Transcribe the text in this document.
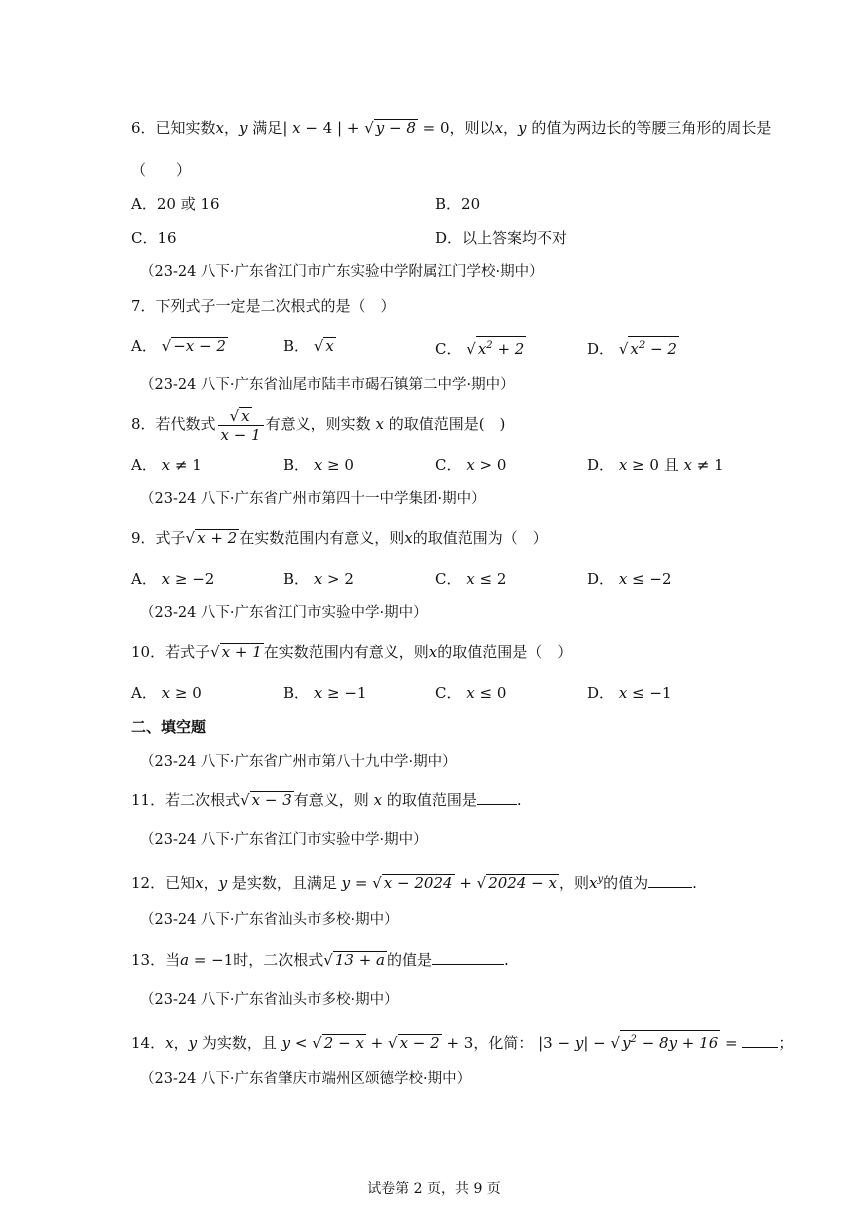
6．已知实数x，y 满足| x − 4 | + √ y − 8 = 0，则以x，y 的值为两边长的等腰三角形的周长是
（　　）
A．20 或 16	B．20
C．16	D．以上答案均不对
（23-24 八下·广东省江门市广东实验中学附属江门学校·期中）
7．下列式子一定是二次根式的是（　）
A． √ −x − 2	B． √ x	C． √ $x^2 + 2$	D． √ $x^2 - 2$
（23-24 八下·广东省汕尾市陆丰市碣石镇第二中学·期中）
8．若代数式 $\frac{√ x}{x - 1}$ 有意义，则实数 x 的取值范围是(　)
A． x ≠ 1	B． x ≥ 0	C． x > 0	D． x ≥ 0 且 x ≠ 1
（23-24 八下·广东省广州市第四十一中学集团·期中）
9．式子√ x + 2 在实数范围内有意义，则x的取值范围为（　）
A． x ≥ −2	B． x > 2	C． x ≤ 2	D． x ≤ −2
（23-24 八下·广东省江门市实验中学·期中）
10．若式子√ x + 1 在实数范围内有意义，则x的取值范围是（　）
A． x ≥ 0	B． x ≥ −1	C． x ≤ 0	D． x ≤ −1
二、填空题
（23-24 八下·广东省广州市第八十九中学·期中）
11．若二次根式√ x − 3 有意义，则 x 的取值范围是	.
（23-24 八下·广东省江门市实验中学·期中）
12．已知x，y 是实数，且满足 y = √ x − 2024 + √ 2024 − x ，则$x^y$的值为	.
（23-24 八下·广东省汕头市多校·期中）
13．当a = −1时，二次根式√ 13 + a 的值是	.
（23-24 八下·广东省汕头市多校·期中）
14．x，y 为实数，且 y < √ 2 − x + √ x − 2 + 3，化简： |3 − y| − √ $y^2 - 8y + 16$ = ；
（23-24 八下·广东省肇庆市端州区颂德学校·期中）
试卷第 2 页，共 9 页
